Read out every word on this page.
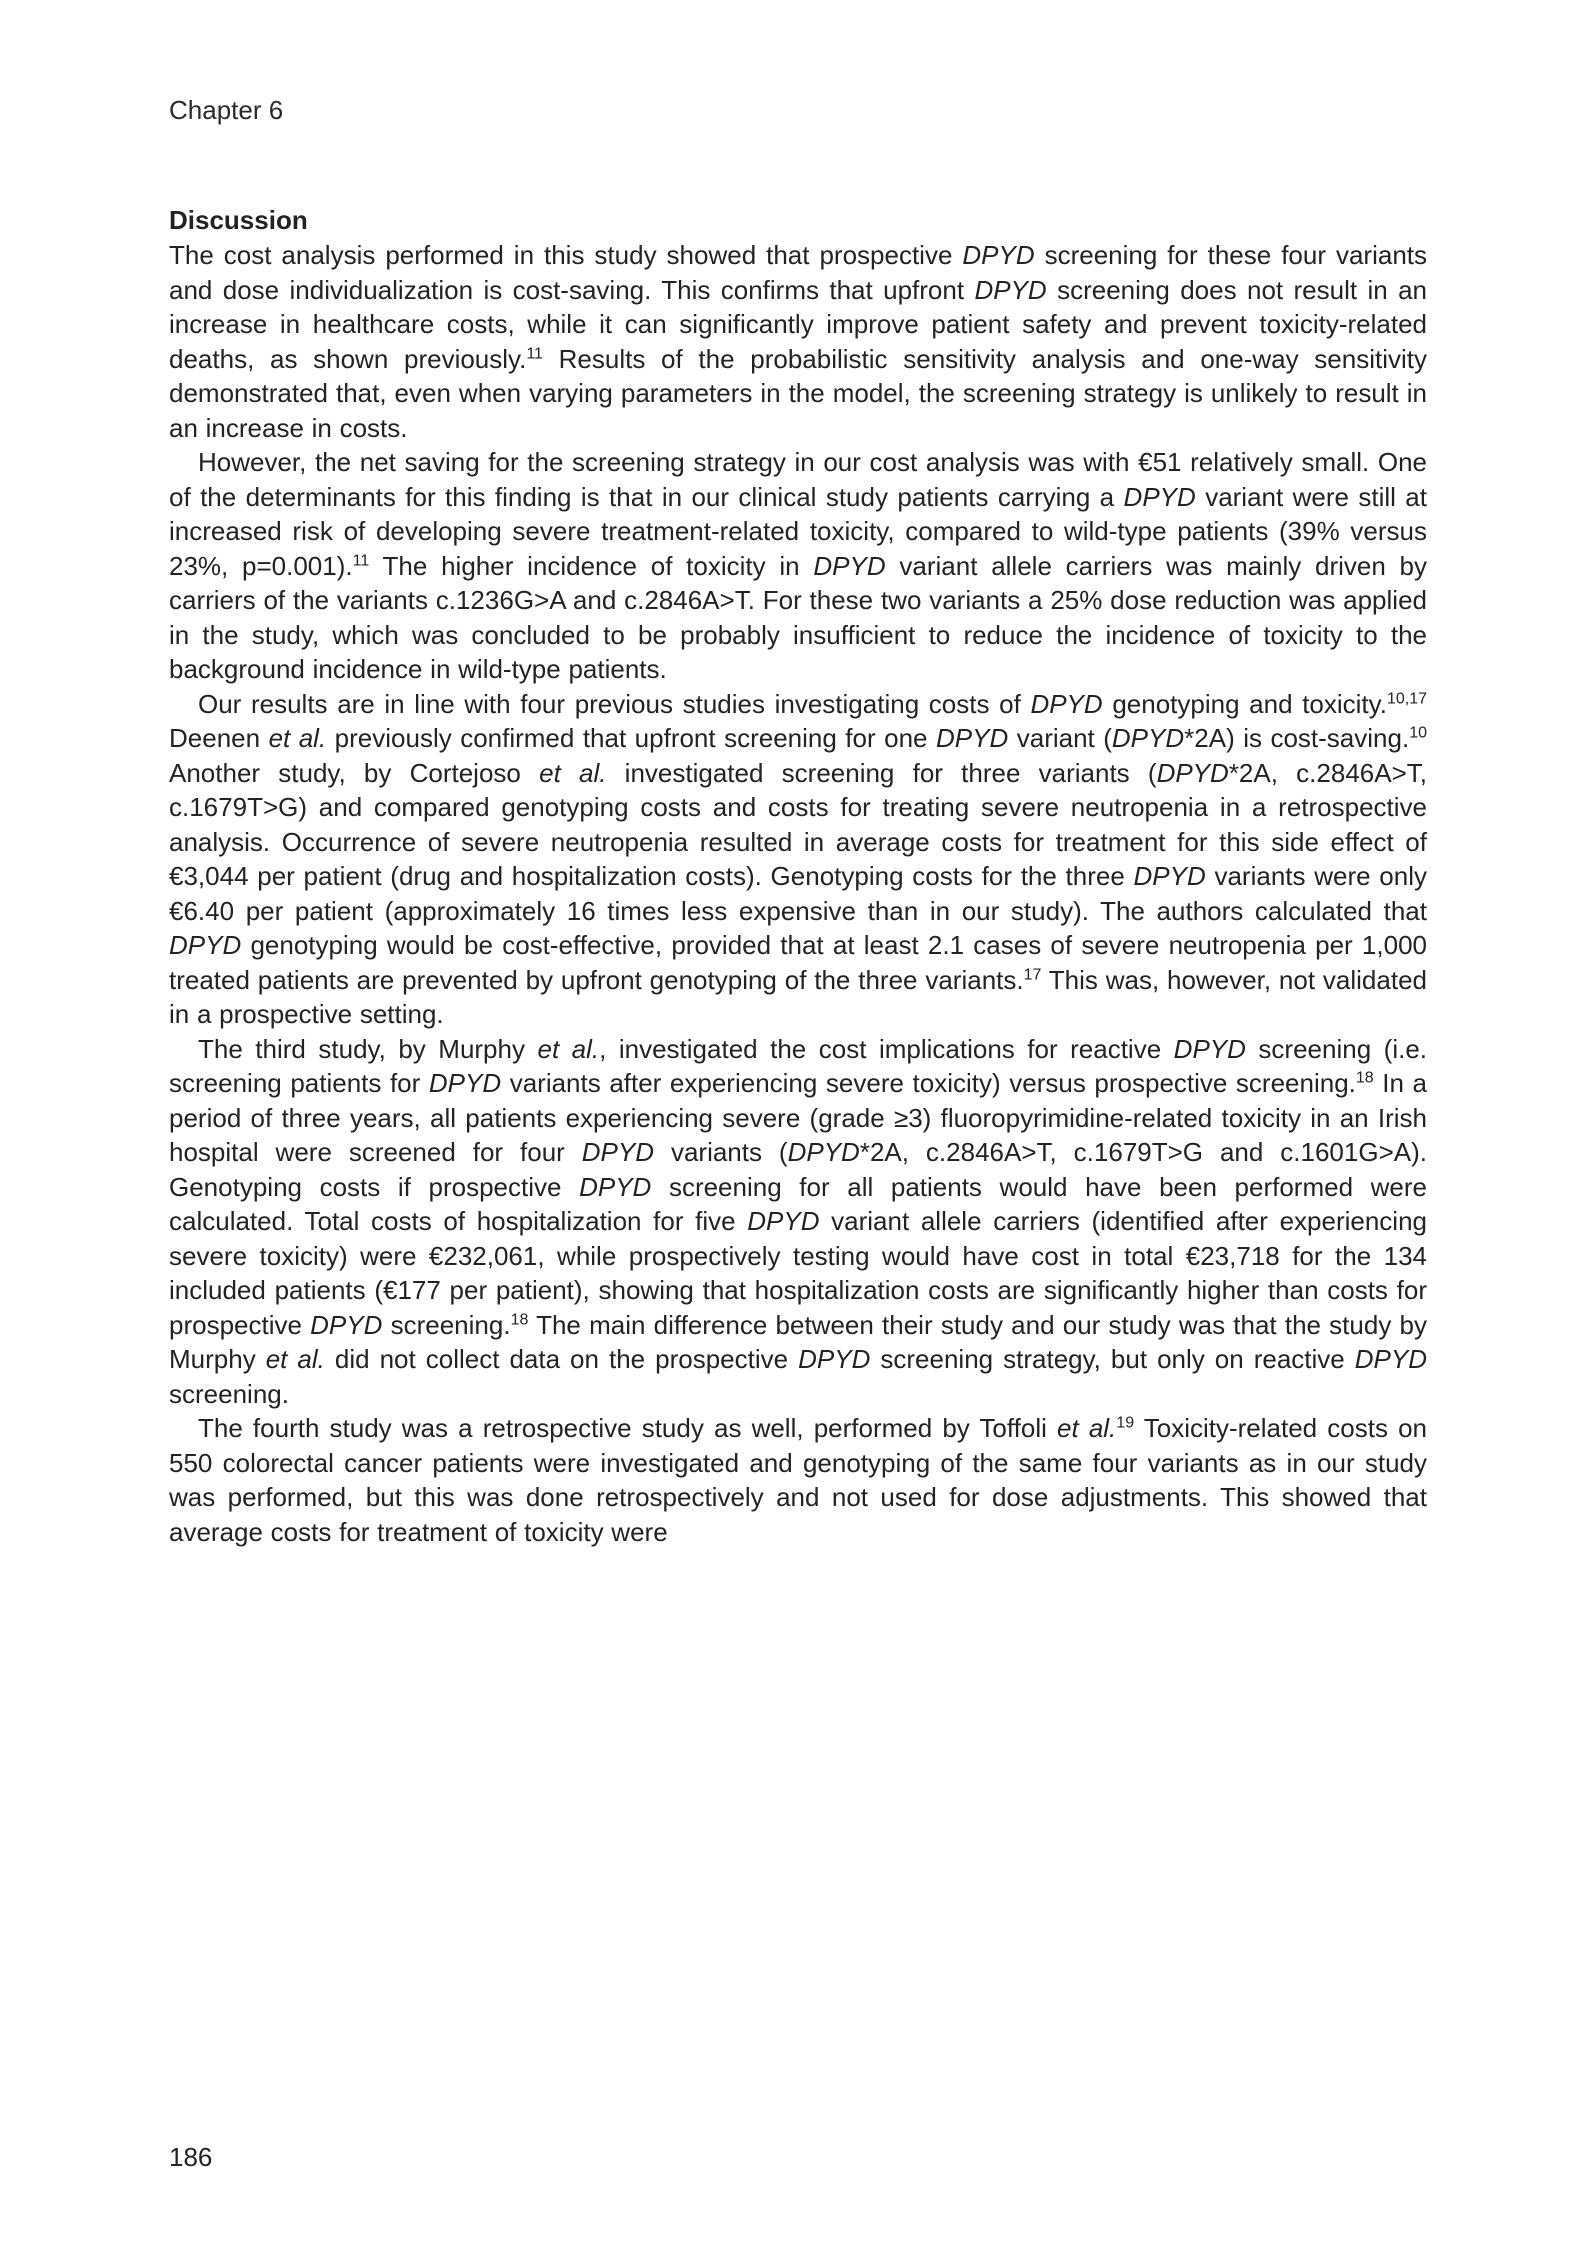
Chapter 6
Discussion

The cost analysis performed in this study showed that prospective DPYD screening for these four variants and dose individualization is cost-saving. This confirms that upfront DPYD screening does not result in an increase in healthcare costs, while it can significantly improve patient safety and prevent toxicity-related deaths, as shown previously.$^{11}$ Results of the probabilistic sensitivity analysis and one-way sensitivity demonstrated that, even when varying parameters in the model, the screening strategy is unlikely to result in an increase in costs.

However, the net saving for the screening strategy in our cost analysis was with €51 relatively small. One of the determinants for this finding is that in our clinical study patients carrying a DPYD variant were still at increased risk of developing severe treatment-related toxicity, compared to wild-type patients (39% versus 23%, p=0.001).$^{11}$ The higher incidence of toxicity in DPYD variant allele carriers was mainly driven by carriers of the variants c.1236G>A and c.2846A>T. For these two variants a 25% dose reduction was applied in the study, which was concluded to be probably insufficient to reduce the incidence of toxicity to the background incidence in wild-type patients.

Our results are in line with four previous studies investigating costs of DPYD genotyping and toxicity.$^{10,17}$ Deenen et al. previously confirmed that upfront screening for one DPYD variant (DPYD*2A) is cost-saving.$^{10}$ Another study, by Cortejoso et al. investigated screening for three variants (DPYD*2A, c.2846A>T, c.1679T>G) and compared genotyping costs and costs for treating severe neutropenia in a retrospective analysis. Occurrence of severe neutropenia resulted in average costs for treatment for this side effect of €3,044 per patient (drug and hospitalization costs). Genotyping costs for the three DPYD variants were only €6.40 per patient (approximately 16 times less expensive than in our study). The authors calculated that DPYD genotyping would be cost-effective, provided that at least 2.1 cases of severe neutropenia per 1,000 treated patients are prevented by upfront genotyping of the three variants.$^{17}$ This was, however, not validated in a prospective setting.

The third study, by Murphy et al., investigated the cost implications for reactive DPYD screening (i.e. screening patients for DPYD variants after experiencing severe toxicity) versus prospective screening.$^{18}$ In a period of three years, all patients experiencing severe (grade ≥3) fluoropyrimidine-related toxicity in an Irish hospital were screened for four DPYD variants (DPYD*2A, c.2846A>T, c.1679T>G and c.1601G>A). Genotyping costs if prospective DPYD screening for all patients would have been performed were calculated. Total costs of hospitalization for five DPYD variant allele carriers (identified after experiencing severe toxicity) were €232,061, while prospectively testing would have cost in total €23,718 for the 134 included patients (€177 per patient), showing that hospitalization costs are significantly higher than costs for prospective DPYD screening.$^{18}$ The main difference between their study and our study was that the study by Murphy et al. did not collect data on the prospective DPYD screening strategy, but only on reactive DPYD screening.

The fourth study was a retrospective study as well, performed by Toffoli et al.$^{19}$ Toxicity-related costs on 550 colorectal cancer patients were investigated and genotyping of the same four variants as in our study was performed, but this was done retrospectively and not used for dose adjustments. This showed that average costs for treatment of toxicity were

186
